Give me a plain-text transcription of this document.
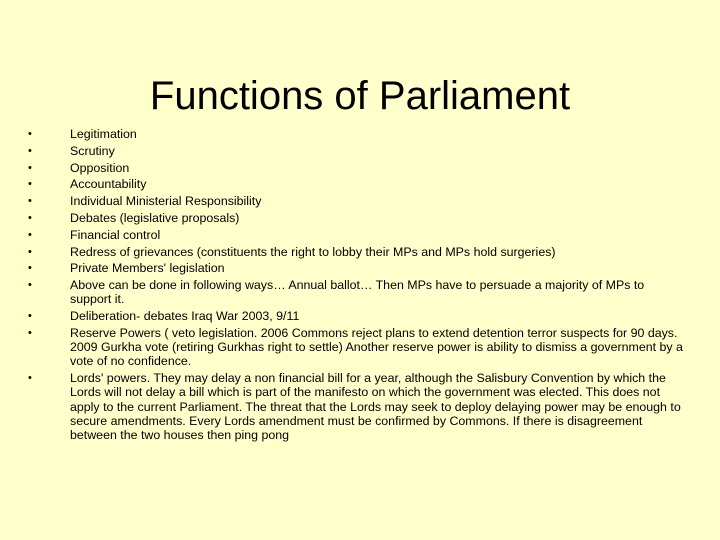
Functions of Parliament
•	Legitimation
•	Scrutiny
•	Opposition
•	Accountability
•	Individual Ministerial Responsibility
•	Debates (legislative proposals)
•	Financial control
•	Redress of grievances (constituents the right to lobby their MPs and MPs hold surgeries)
•	Private Members' legislation
•	Above can be done in following ways… Annual ballot… Then MPs have to persuade a majority of MPs to support it.
•	Deliberation- debates Iraq War 2003, 9/11
•	Reserve Powers ( veto legislation. 2006 Commons reject plans to extend detention terror suspects for 90 days. 2009 Gurkha vote (retiring Gurkhas right to settle) Another reserve power is ability to dismiss a government by a vote of no confidence.
•	Lords' powers. They may delay a non financial bill for a year, although the Salisbury Convention by which the Lords will not delay a bill which is part of the manifesto on which the government was elected. This does not apply to the current Parliament. The threat that the Lords may seek to deploy delaying power may be enough to secure amendments. Every Lords amendment must be confirmed by Commons. If there is disagreement between the two houses then ping pong
